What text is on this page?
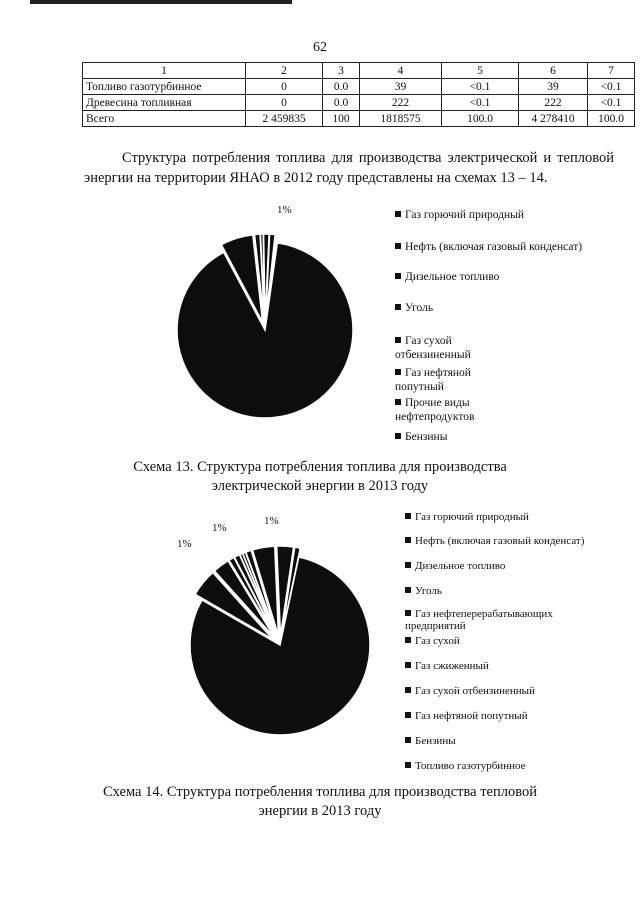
62
1	2	3	4	5	6	7
Топливо газотурбинное	0	0.0	39	<0.1	39	<0.1
Древесина топливная	0	0.0	222	<0.1	222	<0.1
Всего	2 459835	100	1818575	100.0	4 278410	100.0
Структура потребления топлива для производства электрической и тепловой энергии на территории ЯНАО в 2012 году представлены на схемах 13 – 14.
1%	Газ горючий природный
Нефть (включая газовый конденсат)
Дизельное топливо
Уголь
Газ сухой отбензиненный
Газ нефтяной попутный
Прочие виды нефтепродуктов
Бензины
Схема 13. Структура потребления топлива для производства электрической энергии в 2013 году
1%
1%
1%	Газ горючий природный
Нефть (включая газовый конденсат)
Дизельное топливо
Уголь
Газ нефтеперерабатывающих предприятий
Газ сухой
Газ сжиженный
Газ сухой отбензиненный
Газ нефтяной попутный
Бензины
Топливо газотурбинное
Схема 14. Структура потребления топлива для производства тепловой энергии в 2013 году
